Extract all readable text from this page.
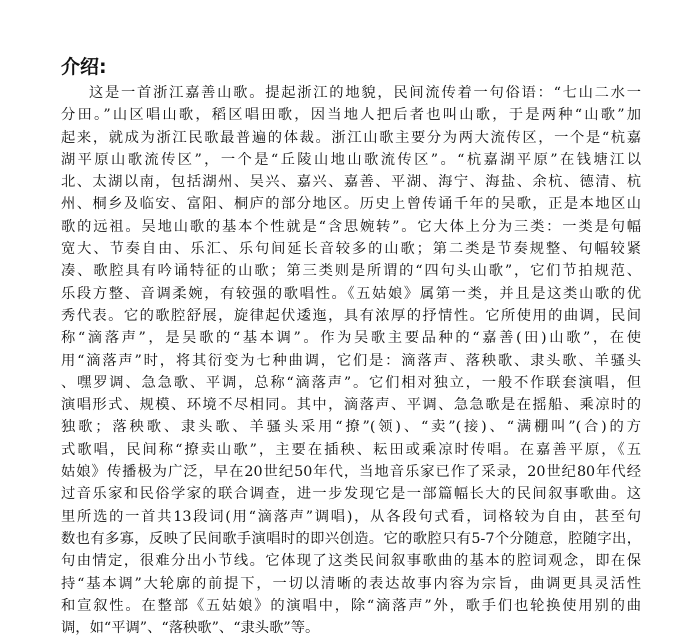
介绍:
这是一首浙江嘉善山歌。提起浙江的地貌，民间流传着一句俗语：“七山二水一
分田。”山区唱山歌，稻区唱田歌，因当地人把后者也叫山歌，于是两种“山歌”加
起来，就成为浙江民歌最普遍的体裁。浙江山歌主要分为两大流传区，一个是“杭嘉
湖平原山歌流传区”，一个是“丘陵山地山歌流传区”。“杭嘉湖平原”在钱塘江以
北、太湖以南，包括湖州、吴兴、嘉兴、嘉善、平湖、海宁、海盐、余杭、德清、杭
州、桐乡及临安、富阳、桐庐的部分地区。历史上曾传诵千年的吴歌，正是本地区山
歌的远祖。吴地山歌的基本个性就是“含思婉转”。它大体上分为三类：一类是句幅
宽大、节奏自由、乐汇、乐句间延长音较多的山歌；第二类是节奏规整、句幅较紧
凑、歌腔具有吟诵特征的山歌；第三类则是所谓的“四句头山歌”，它们节拍规范、
乐段方整、音调柔婉，有较强的歌唱性。《五姑娘》属第一类，并且是这类山歌的优
秀代表。它的歌腔舒展，旋律起伏逶迤，具有浓厚的抒情性。它所使用的曲调，民间
称“滴落声”，是吴歌的“基本调”。作为吴歌主要品种的“嘉善(田)山歌”，在使
用“滴落声”时，将其衍变为七种曲调，它们是：滴落声、落秧歌、隶头歌、羊骚头
、嘿罗调、急急歌、平调，总称“滴落声”。它们相对独立，一般不作联套演唱，但
演唱形式、规模、环境不尽相同。其中，滴落声、平调、急急歌是在摇船、乘凉时的
独歌；落秧歌、隶头歌、羊骚头采用“撩”(领)、“卖”(接)、“满棚叫”(合)的方
式歌唱，民间称“撩卖山歌”，主要在插秧、耘田或乘凉时传唱。在嘉善平原，《五
姑娘》传播极为广泛，早在20世纪50年代，当地音乐家已作了采录，20世纪80年代经
过音乐家和民俗学家的联合调查，进一步发现它是一部篇幅长大的民间叙事歌曲。这
里所选的一首共13段词(用“滴落声”调唱)，从各段句式看，词格较为自由，甚至句
数也有多寡，反映了民间歌手演唱时的即兴创造。它的歌腔只有5-7个分随意，腔随字出，
句由情定，很难分出小节线。它体现了这类民间叙事歌曲的基本的腔词观念，即在保
持“基本调”大轮廓的前提下，一切以清晰的表达故事内容为宗旨，曲调更具灵活性
和宣叙性。在整部《五姑娘》的演唱中，除“滴落声”外，歌手们也轮换使用别的曲
调，如“平调”、“落秧歌”、“隶头歌”等。
